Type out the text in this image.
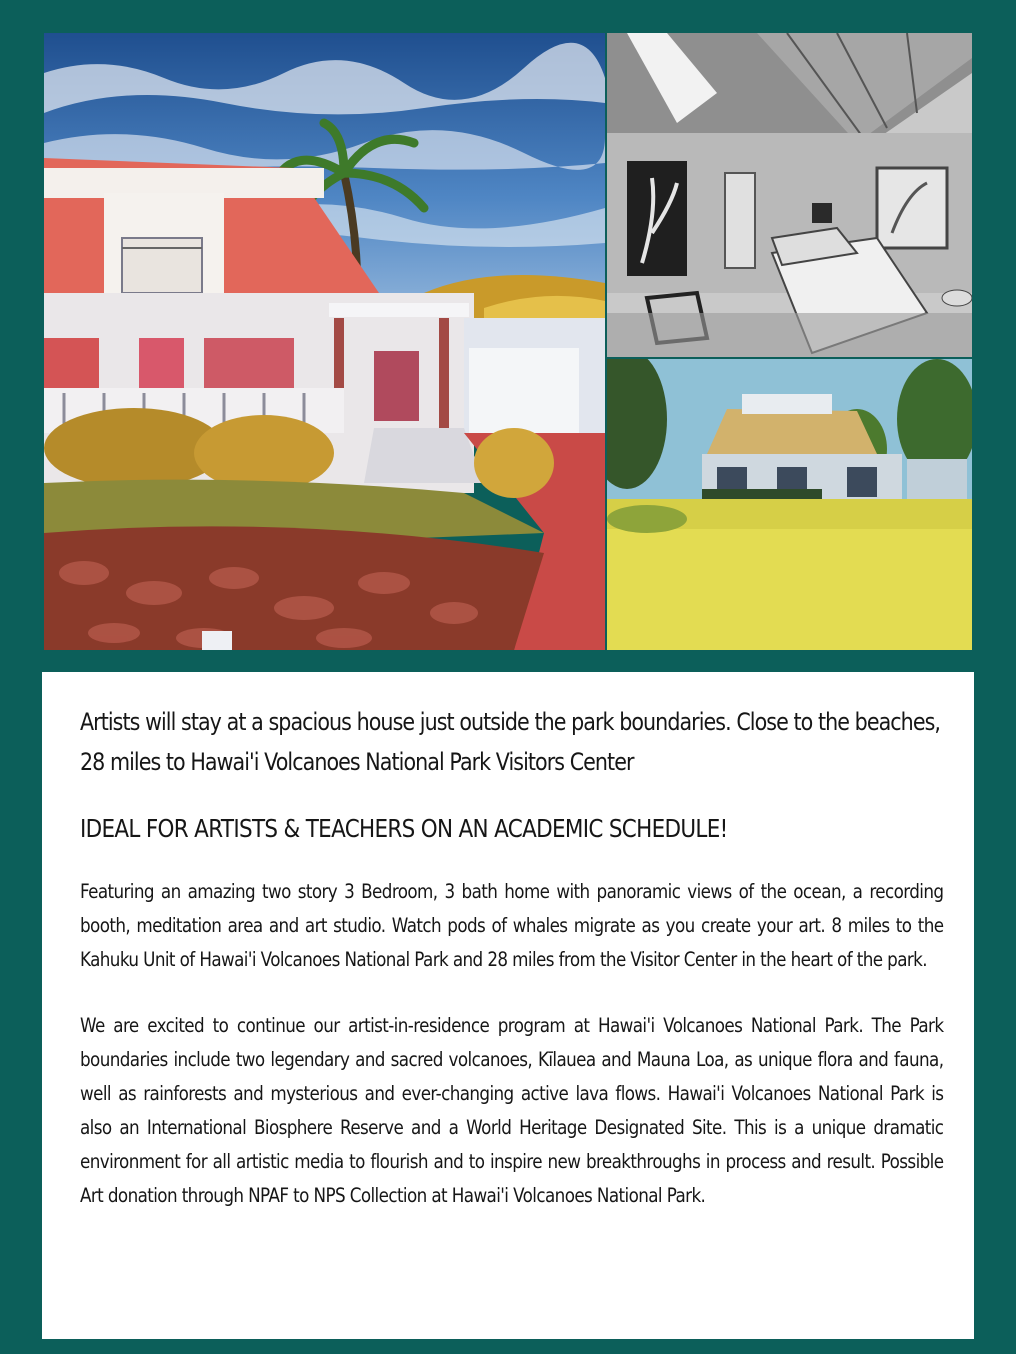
Artists will stay at a spacious house just outside the park boundaries. Close to the beaches, 28 miles to Hawai'i Volcanoes National Park Visitors Center

IDEAL FOR ARTISTS & TEACHERS ON AN ACADEMIC SCHEDULE!

Featuring an amazing two story 3 Bedroom, 3 bath home with panoramic views of the ocean, a recording booth, meditation area and art studio. Watch pods of whales migrate as you create your art. 8 miles to the Kahuku Unit of Hawai'i Volcanoes National Park and 28 miles from the Visitor Center in the heart of the park.

We are excited to continue our artist-in-residence program at Hawai'i Volcanoes National Park. The Park boundaries include two legendary and sacred volcanoes, Kīlauea and Mauna Loa, as unique flora and fauna, well as rainforests and mysterious and ever-changing active lava flows. Hawai'i Volcanoes National Park is also an International Biosphere Reserve and a World Heritage Designated Site. This is a unique dramatic environment for all artistic media to flourish and to inspire new breakthroughs in process and result. Possible Art donation through NPAF to NPS Collection at Hawai'i Volcanoes National Park.
